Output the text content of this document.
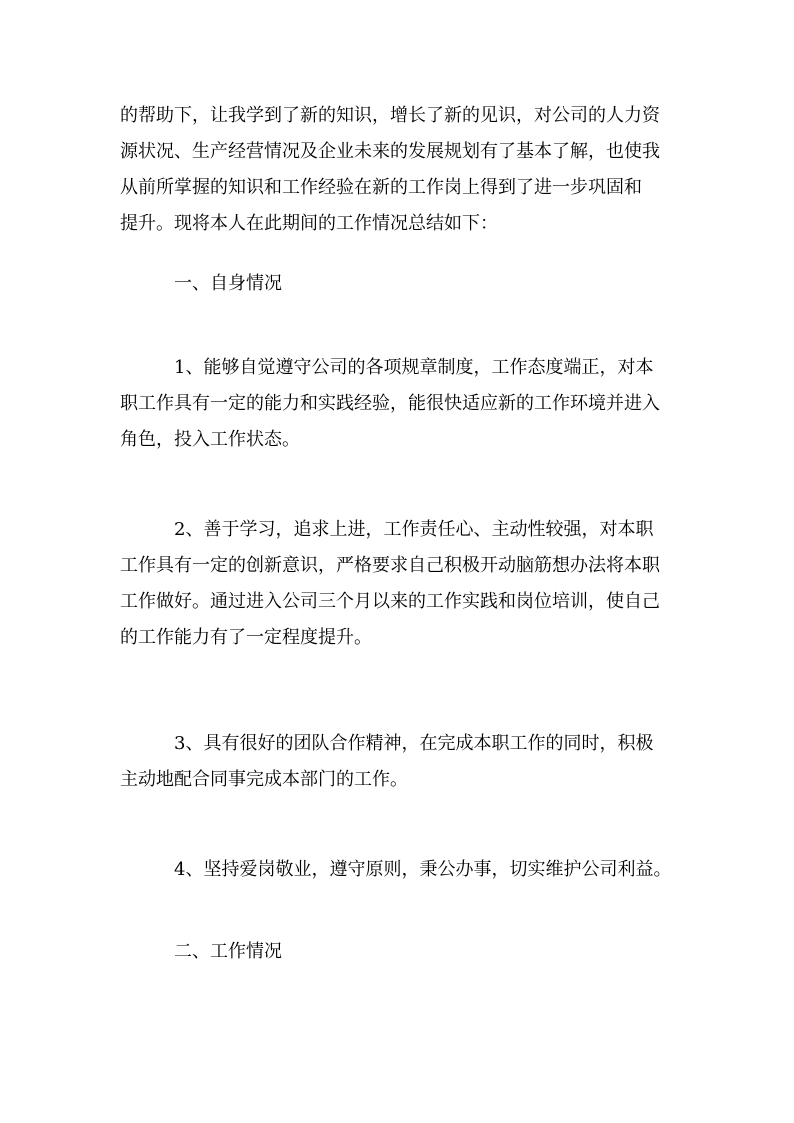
的帮助下，让我学到了新的知识，增长了新的见识，对公司的人力资
源状况、生产经营情况及企业未来的发展规划有了基本了解，也使我
从前所掌握的知识和工作经验在新的工作岗上得到了进一步巩固和
提升。现将本人在此期间的工作情况总结如下：
一、自身情况
1、能够自觉遵守公司的各项规章制度，工作态度端正，对本
职工作具有一定的能力和实践经验，能很快适应新的工作环境并进入
角色，投入工作状态。
2、善于学习，追求上进，工作责任心、主动性较强，对本职
工作具有一定的创新意识，严格要求自己积极开动脑筋想办法将本职
工作做好。通过进入公司三个月以来的工作实践和岗位培训，使自己
的工作能力有了一定程度提升。
3、具有很好的团队合作精神，在完成本职工作的同时，积极
主动地配合同事完成本部门的工作。
4、坚持爱岗敬业，遵守原则，秉公办事，切实维护公司利益。
二、工作情况
